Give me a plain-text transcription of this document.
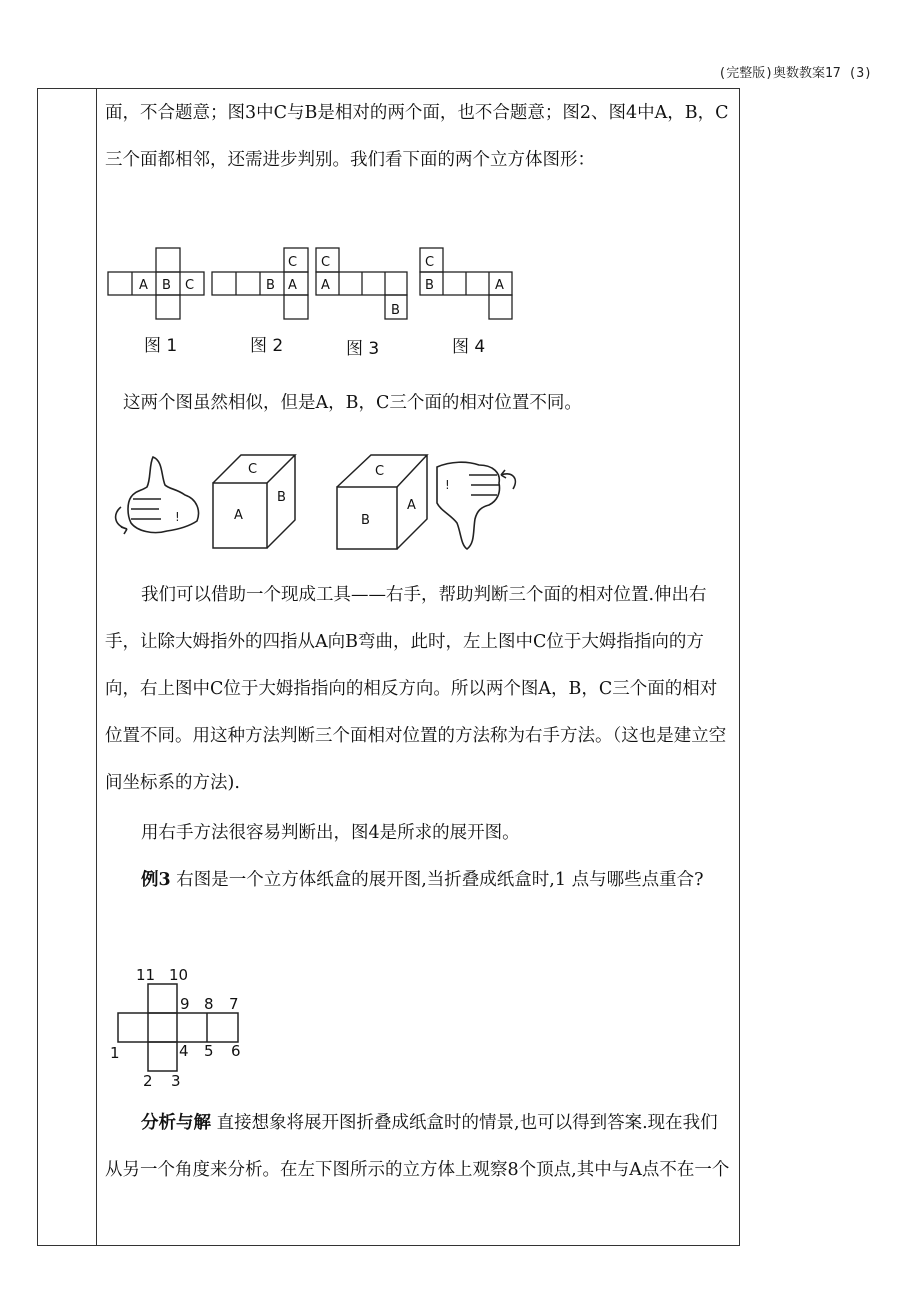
(完整版)奥数教案17 (3)

面，不合题意；图3中C与B是相对的两个面，也不合题意；图2、图4中A，B，C三个面都相邻，还需进步判别。我们看下面的两个立方体图形：

A B C
C
B A
C
A
B
C
B	A
图 1	图 2	图 3	图 4

这两个图虽然相似，但是A，B，C三个面的相对位置不同。

!
C
B
A
C
A
B
!

我们可以借助一个现成工具——右手，帮助判断三个面的相对位置.伸出右手，让除大姆指外的四指从A向B弯曲，此时，左上图中C位于大姆指指向的方向，右上图中C位于大姆指指向的相反方向。所以两个图A，B，C三个面的相对位置不同。用这种方法判断三个面相对位置的方法称为右手方法。（这也是建立空间坐标系的方法).

用右手方法很容易判断出，图4是所求的展开图。

例3 右图是一个立方体纸盒的展开图,当折叠成纸盒时,1 点与哪些点重合?

11 10
9 8 7
1	4 5 6
2 3

分析与解 直接想象将展开图折叠成纸盒时的情景,也可以得到答案.现在我们从另一个角度来分析。在左下图所示的立方体上观察8个顶点,其中与A点不在一个
